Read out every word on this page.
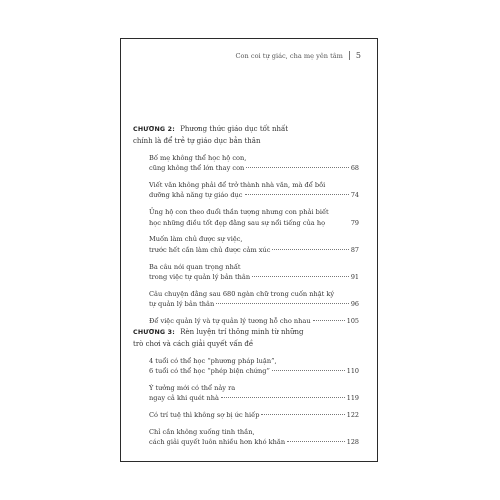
Con coi tự giác, cha mẹ yên tâm 5
CHƯƠNG 2: Phương thức giáo dục tốt nhất
chính là để trẻ tự giáo dục bản thân
Bố mẹ không thể học hộ con,
cũng không thể lớn thay con	68
Viết văn không phải để trở thành nhà văn, mà để bồi
dưỡng khả năng tự giáo dục	74
Ủng hộ con theo đuổi thần tượng nhưng con phải biết
học những điều tốt đẹp đằng sau sự nổi tiếng của họ	79
Muốn làm chủ được sự việc,
trước hết cần làm chủ được cảm xúc	87
Ba câu nói quan trọng nhất
trong việc tự quản lý bản thân	91
Câu chuyện đằng sau 680 ngàn chữ trong cuốn nhật ký
tự quản lý bản thân	96
Để việc quản lý và tự quản lý tương hỗ cho nhau	105
CHƯƠNG 3: Rèn luyện trí thông minh từ những
trò chơi và cách giải quyết vấn đề
4 tuổi có thể học “phương pháp luận”,
6 tuổi có thể học “phép biện chứng”	110
Ý tưởng mới có thể nảy ra
ngay cả khi quét nhà	119
Có trí tuệ thì không sợ bị ức hiếp	122
Chỉ cần không xuống tinh thần,
cách giải quyết luôn nhiều hơn khó khăn	128
